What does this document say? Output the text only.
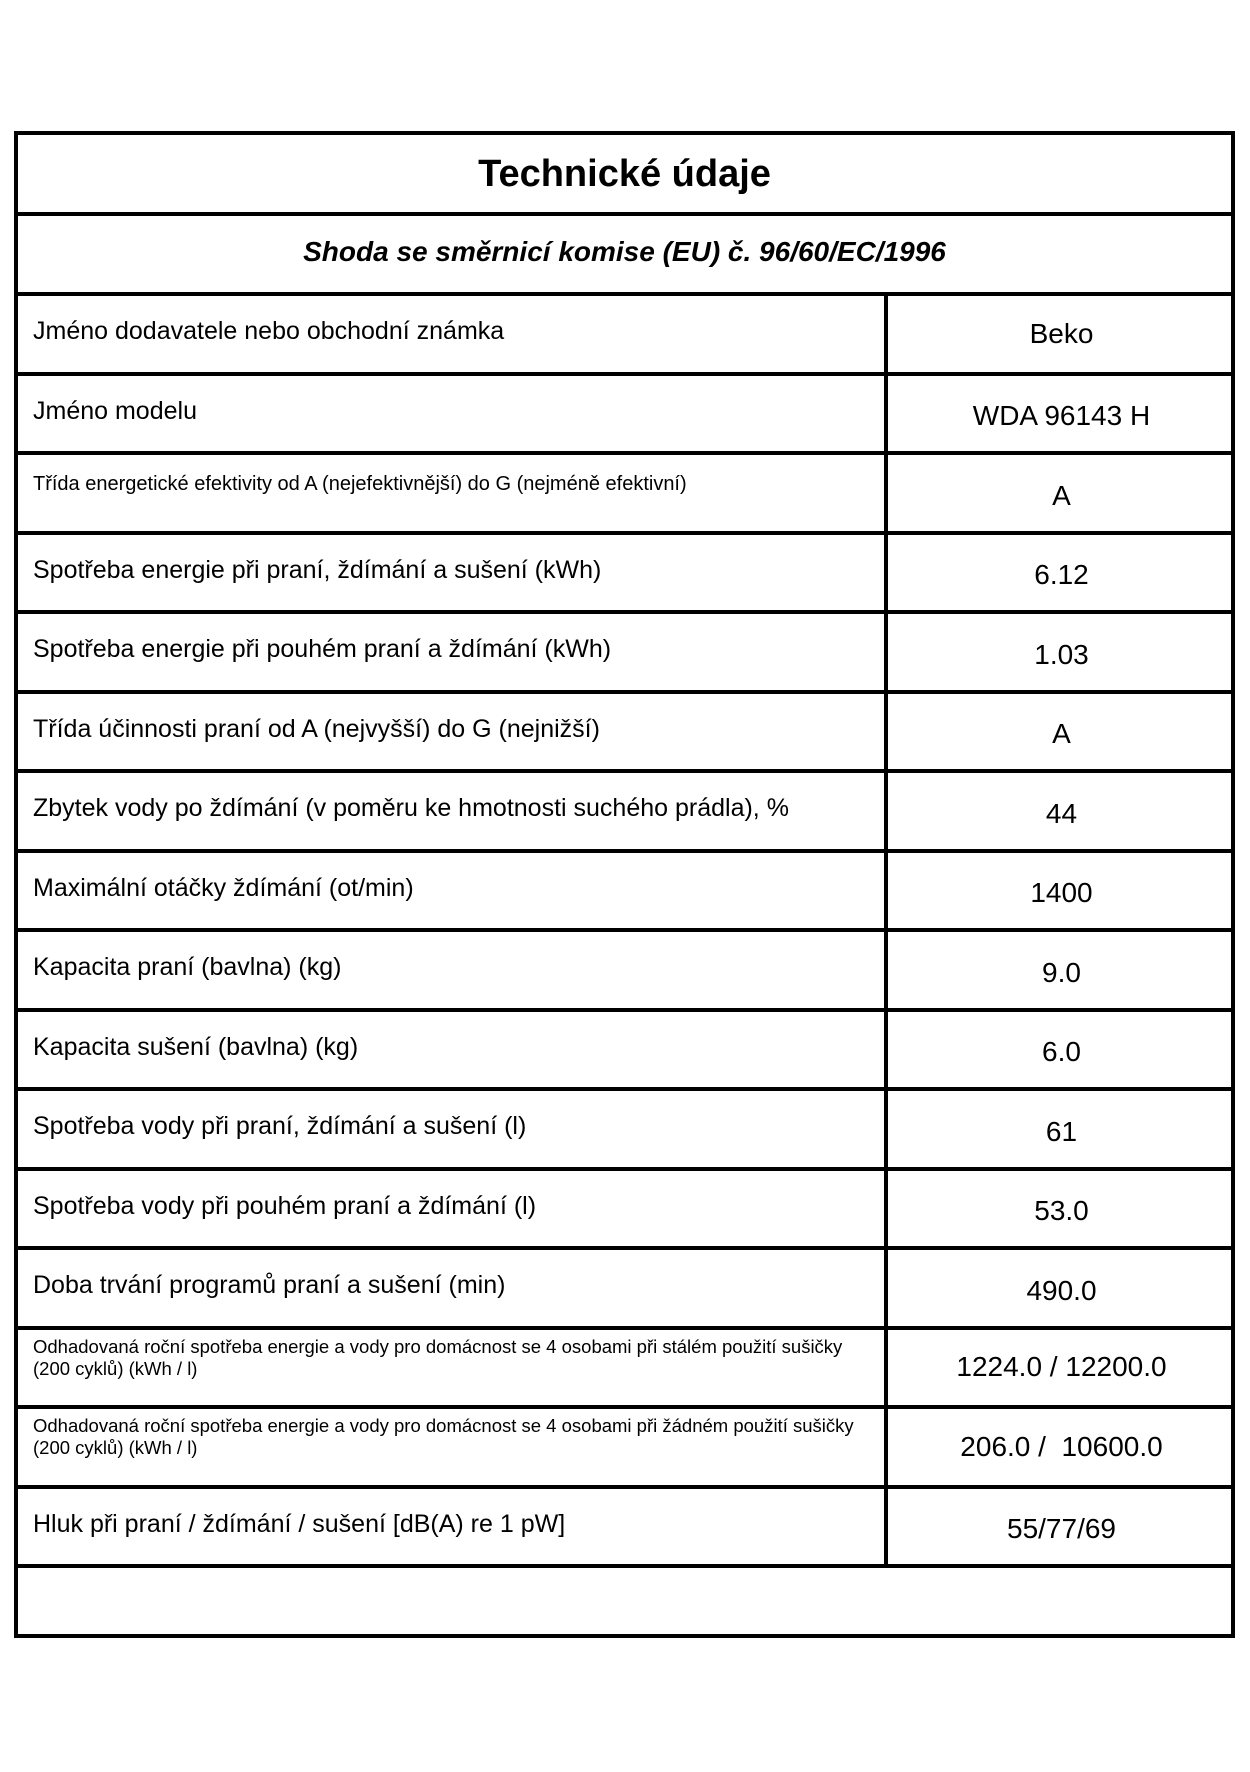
Technické údaje
Shoda se směrnicí komise (EU) č. 96/60/EC/1996
Jméno dodavatele nebo obchodní známka	Beko
Jméno modelu	WDA 96143 H
Třída energetické efektivity od A (nejefektivnější) do G (nejméně efektivní)	A
Spotřeba energie při praní, ždímání a sušení (kWh)	6.12
Spotřeba energie při pouhém praní a ždímání (kWh)	1.03
Třída účinnosti praní od A (nejvyšší) do G (nejnižší)	A
Zbytek vody po ždímání (v poměru ke hmotnosti suchého prádla), %	44
Maximální otáčky ždímání (ot/min)	1400
Kapacita praní (bavlna) (kg)	9.0
Kapacita sušení (bavlna) (kg)	6.0
Spotřeba vody při praní, ždímání a sušení (l)	61
Spotřeba vody při pouhém praní a ždímání (l)	53.0
Doba trvání programů praní a sušení (min)	490.0
Odhadovaná roční spotřeba energie a vody pro domácnost se 4 osobami při stálém použití sušičky (200 cyklů) (kWh / l)	1224.0 / 12200.0
Odhadovaná roční spotřeba energie a vody pro domácnost se 4 osobami při žádném použití sušičky (200 cyklů) (kWh / l)	206.0 /  10600.0
Hluk při praní / ždímání / sušení [dB(A) re 1 pW]	55/77/69
